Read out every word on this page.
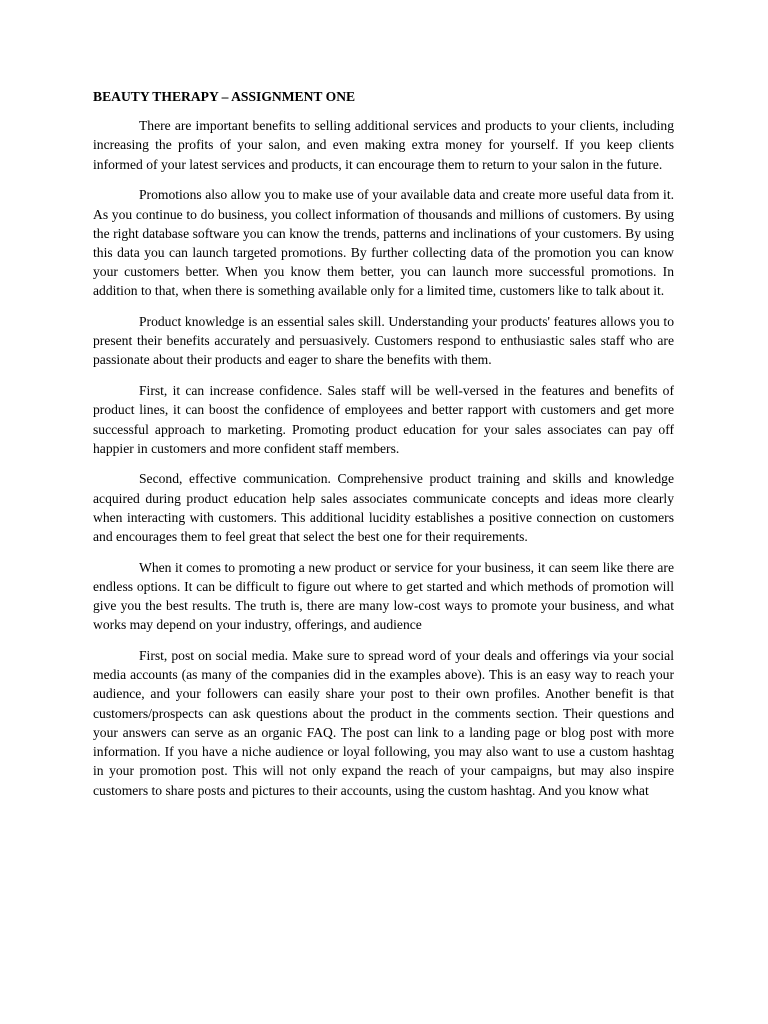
BEAUTY THERAPY – ASSIGNMENT ONE

There are important benefits to selling additional services and products to your clients, including increasing the profits of your salon, and even making extra money for yourself. If you keep clients informed of your latest services and products, it can encourage them to return to your salon in the future.

Promotions also allow you to make use of your available data and create more useful data from it. As you continue to do business, you collect information of thousands and millions of customers. By using the right database software you can know the trends, patterns and inclinations of your customers. By using this data you can launch targeted promotions. By further collecting data of the promotion you can know your customers better. When you know them better, you can launch more successful promotions. In addition to that, when there is something available only for a limited time, customers like to talk about it.

Product knowledge is an essential sales skill. Understanding your products' features allows you to present their benefits accurately and persuasively. Customers respond to enthusiastic sales staff who are passionate about their products and eager to share the benefits with them.

First, it can increase confidence. Sales staff will be well-versed in the features and benefits of product lines, it can boost the confidence of employees and better rapport with customers and get more successful approach to marketing. Promoting product education for your sales associates can pay off happier in customers and more confident staff members.

Second, effective communication. Comprehensive product training and skills and knowledge acquired during product education help sales associates communicate concepts and ideas more clearly when interacting with customers. This additional lucidity establishes a positive connection on customers and encourages them to feel great that select the best one for their requirements.

When it comes to promoting a new product or service for your business, it can seem like there are endless options. It can be difficult to figure out where to get started and which methods of promotion will give you the best results. The truth is, there are many low-cost ways to promote your business, and what works may depend on your industry, offerings, and audience

First, post on social media. Make sure to spread word of your deals and offerings via your social media accounts (as many of the companies did in the examples above). This is an easy way to reach your audience, and your followers can easily share your post to their own profiles. Another benefit is that customers/prospects can ask questions about the product in the comments section. Their questions and your answers can serve as an organic FAQ. The post can link to a landing page or blog post with more information. If you have a niche audience or loyal following, you may also want to use a custom hashtag in your promotion post. This will not only expand the reach of your campaigns, but may also inspire customers to share posts and pictures to their accounts, using the custom hashtag. And you know what
